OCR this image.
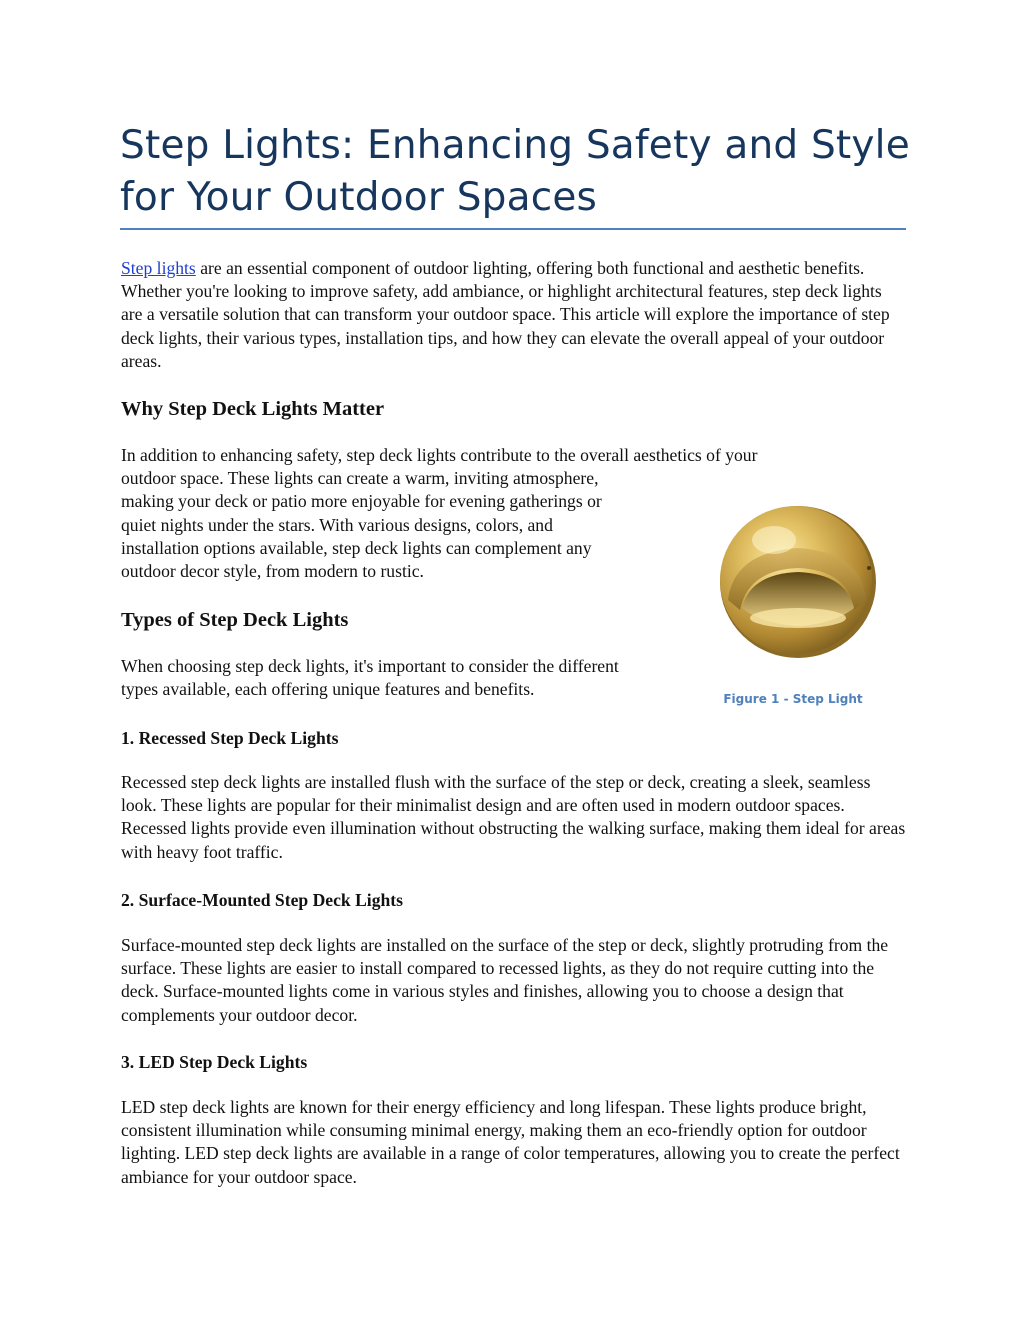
Step Lights: Enhancing Safety and Style for Your Outdoor Spaces

Step lights are an essential component of outdoor lighting, offering both functional and aesthetic benefits. Whether you're looking to improve safety, add ambiance, or highlight architectural features, step deck lights are a versatile solution that can transform your outdoor space. This article will explore the importance of step deck lights, their various types, installation tips, and how they can elevate the overall appeal of your outdoor areas.

Why Step Deck Lights Matter

In addition to enhancing safety, step deck lights contribute to the overall aesthetics of your
outdoor space. These lights can create a warm, inviting atmosphere,
making your deck or patio more enjoyable for evening gatherings or
quiet nights under the stars. With various designs, colors, and
installation options available, step deck lights can complement any
outdoor decor style, from modern to rustic.

Types of Step Deck Lights

When choosing step deck lights, it's important to consider the different
types available, each offering unique features and benefits.	Figure 1 - Step Light
1. Recessed Step Deck Lights

Recessed step deck lights are installed flush with the surface of the step or deck, creating a sleek, seamless look. These lights are popular for their minimalist design and are often used in modern outdoor spaces. Recessed lights provide even illumination without obstructing the walking surface, making them ideal for areas with heavy foot traffic.

2. Surface-Mounted Step Deck Lights

Surface-mounted step deck lights are installed on the surface of the step or deck, slightly protruding from the surface. These lights are easier to install compared to recessed lights, as they do not require cutting into the deck. Surface-mounted lights come in various styles and finishes, allowing you to choose a design that complements your outdoor decor.

3. LED Step Deck Lights

LED step deck lights are known for their energy efficiency and long lifespan. These lights produce bright, consistent illumination while consuming minimal energy, making them an eco-friendly option for outdoor lighting. LED step deck lights are available in a range of color temperatures, allowing you to create the perfect ambiance for your outdoor space.
